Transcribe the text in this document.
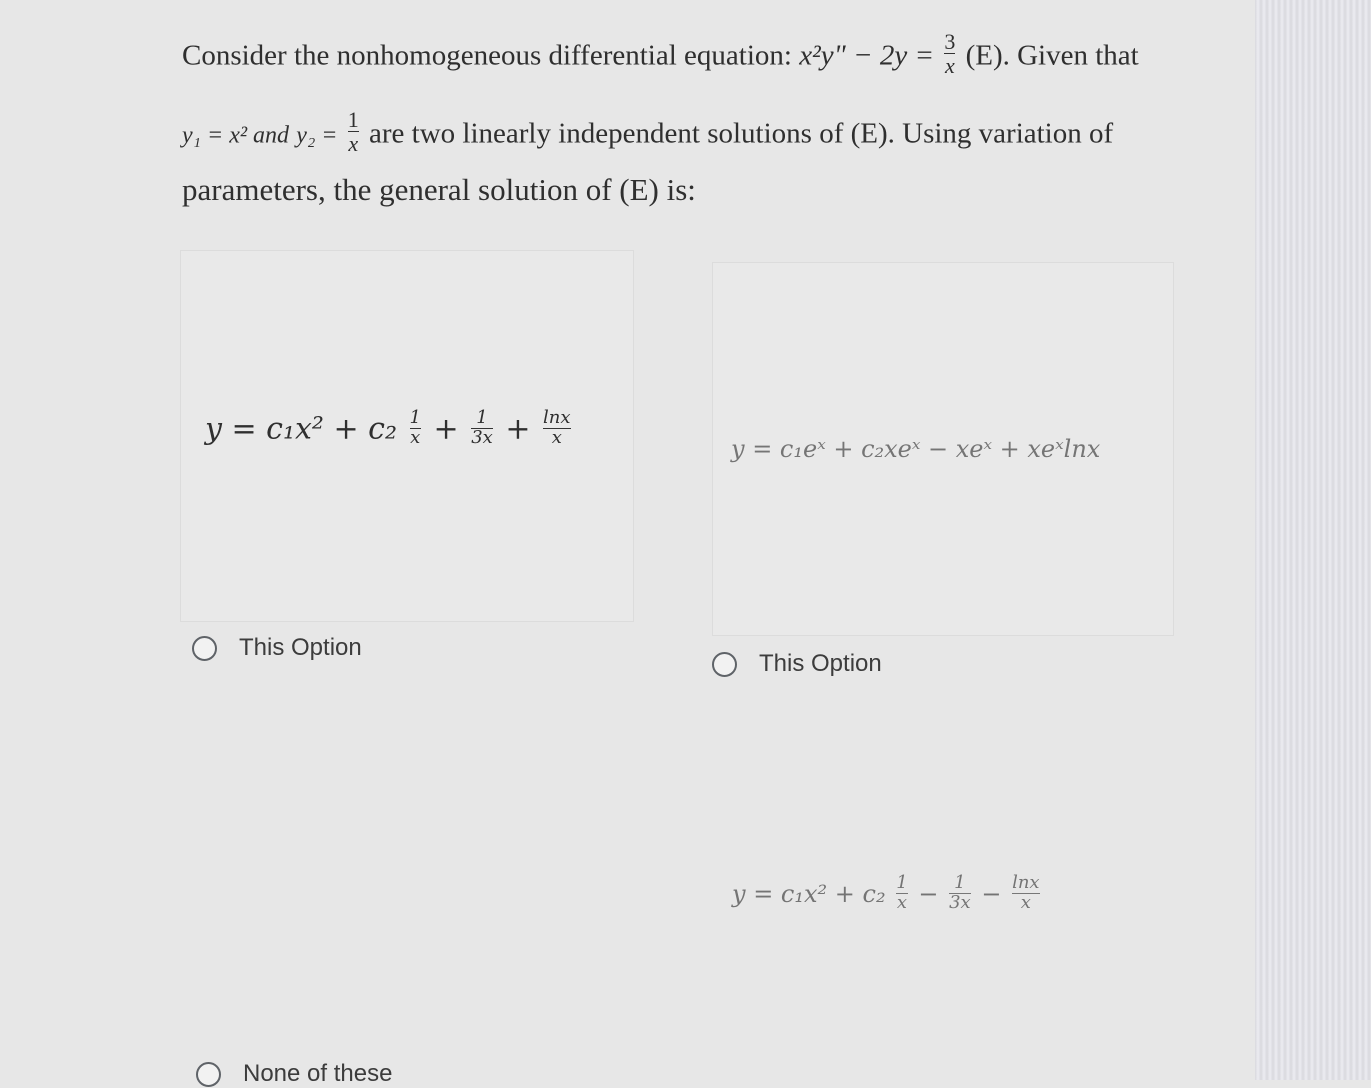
Consider the nonhomogeneous differential equation: x²y" − $2y = \frac{3}{x} (E)$. Given that
y₁ = x² and $y_2 = \frac{1}{x}$ are two linearly independent solutions of (E). Using variation of
parameters, the general solution of (E) is:
$y = c_1x^2 + c_2 \frac{1}{x} + \frac{1}{3x} + \frac{\ln x}{x}$
This Option
y = c₁eˣ + c₂xeˣ − xeˣ + xeˣlnx
This Option
$y = c_1x^2 + c_2 \frac{1}{x} - \frac{1}{3x} - \frac{\ln x}{x}$
None of these
